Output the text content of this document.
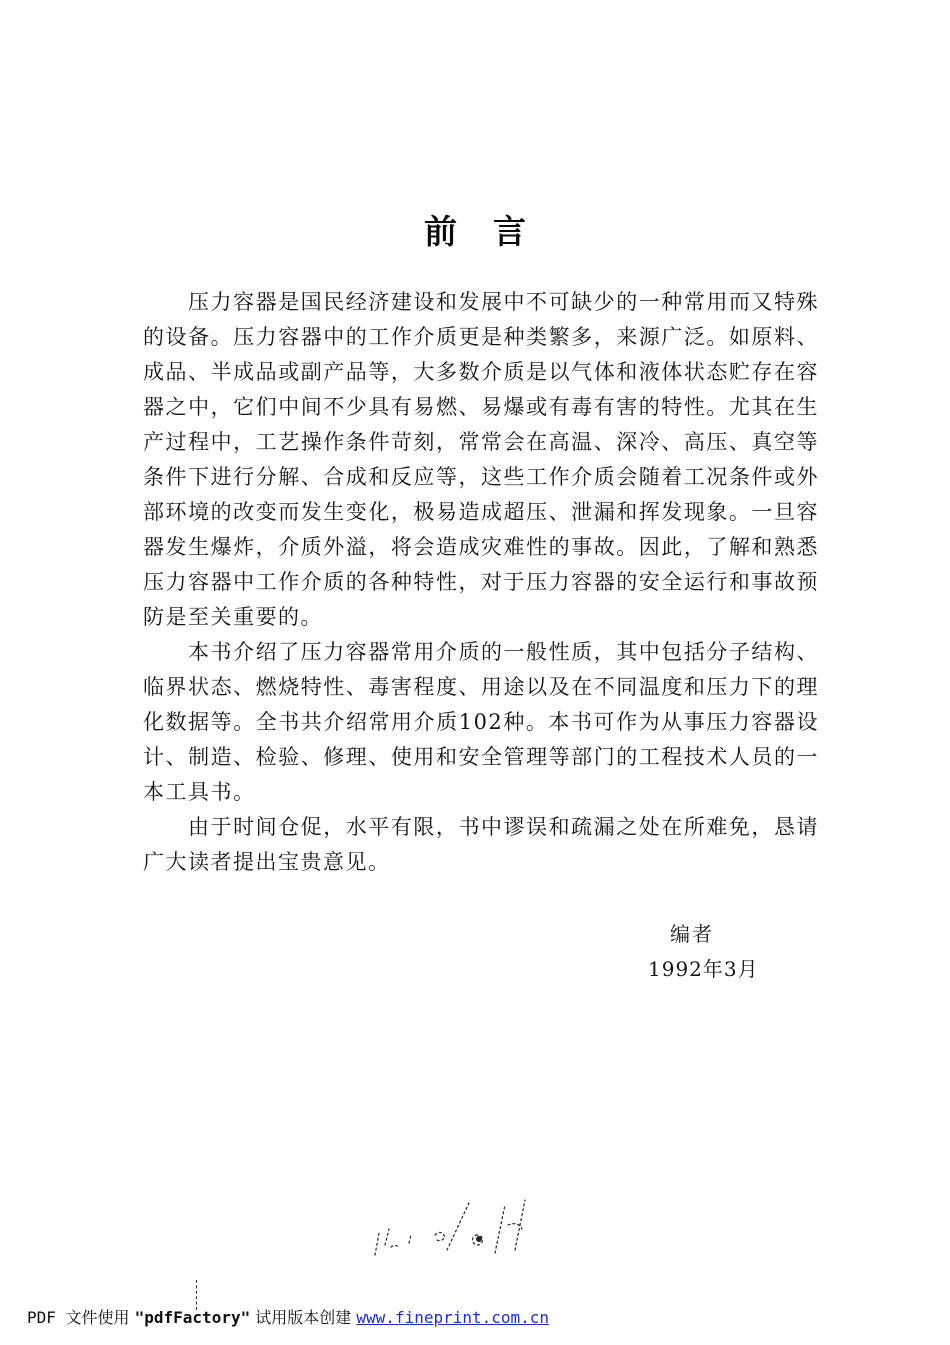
前言

压力容器是国民经济建设和发展中不可缺少的一种常用而又特殊的设备。压力容器中的工作介质更是种类繁多，来源广泛。如原料、成品、半成品或副产品等，大多数介质是以气体和液体状态贮存在容器之中，它们中间不少具有易燃、易爆或有毒有害的特性。尤其在生产过程中，工艺操作条件苛刻，常常会在高温、深冷、高压、真空等条件下进行分解、合成和反应等，这些工作介质会随着工况条件或外部环境的改变而发生变化，极易造成超压、泄漏和挥发现象。一旦容器发生爆炸，介质外溢，将会造成灾难性的事故。因此，了解和熟悉压力容器中工作介质的各种特性，对于压力容器的安全运行和事故预防是至关重要的。

本书介绍了压力容器常用介质的一般性质，其中包括分子结构、临界状态、燃烧特性、毒害程度、用途以及在不同温度和压力下的理化数据等。全书共介绍常用介质102种。本书可作为从事压力容器设计、制造、检验、修理、使用和安全管理等部门的工程技术人员的一本工具书。

由于时间仓促，水平有限，书中谬误和疏漏之处在所难免，恳请广大读者提出宝贵意见。

编者
1992年3月
PDF 文件使用 "pdfFactory" 试用版本创建 www.fineprint.com.cn
